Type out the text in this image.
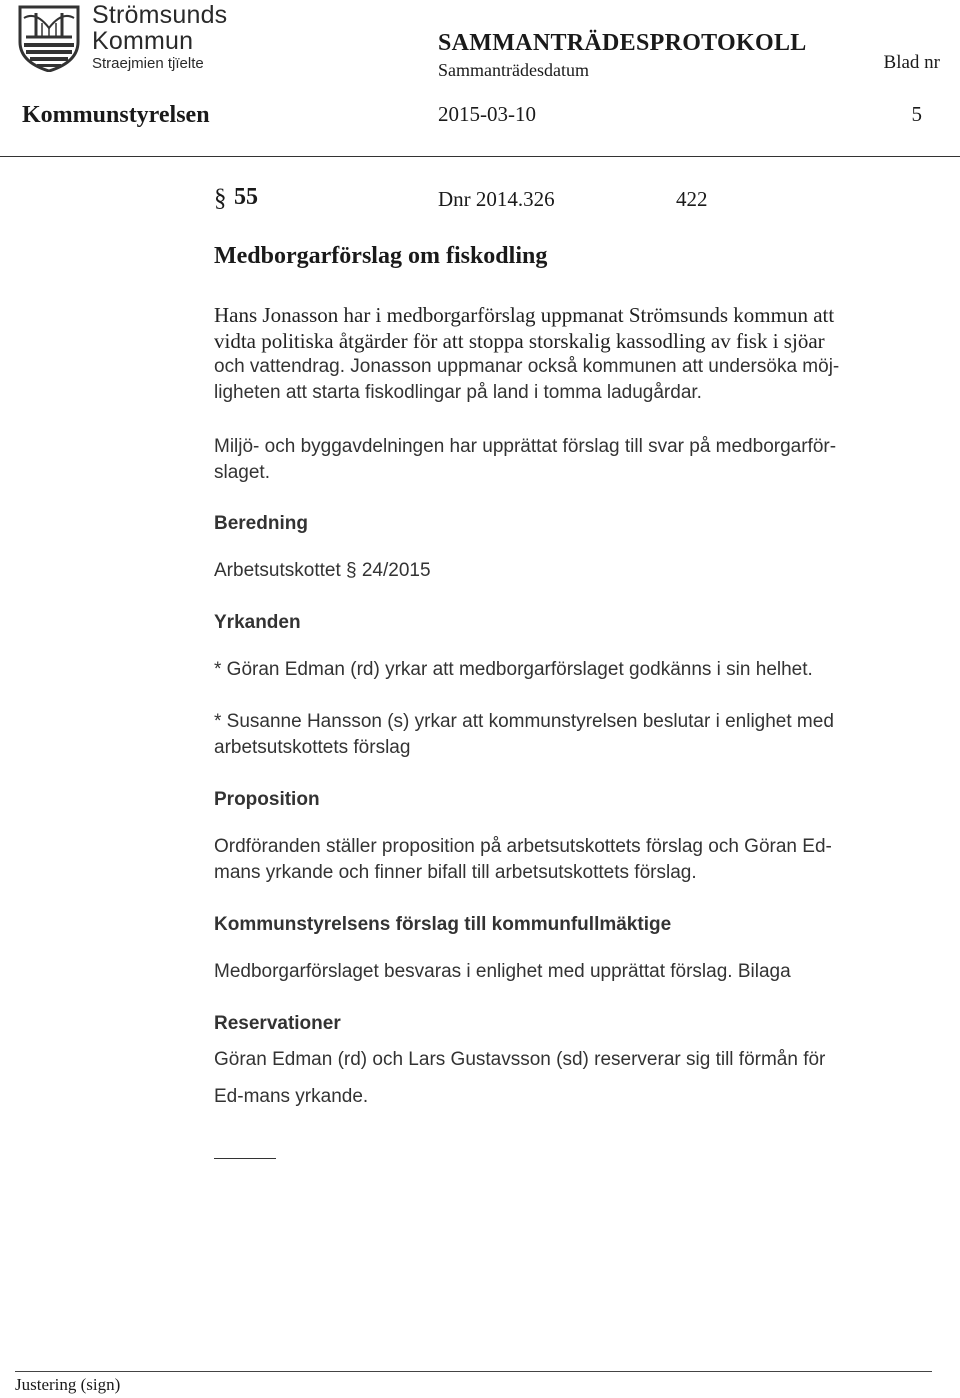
Strömsunds
Kommun
Straejmien tjïelte
SAMMANTRÄDESPROTOKOLL
Sammanträdesdatum	Blad nr
Kommunstyrelsen	2015-03-10	5
§ 55	Dnr 2014.326	422
Medborgarförslag om fiskodling
Hans Jonasson har i medborgarförslag uppmanat Strömsunds kommun att
vidta politiska åtgärder för att stoppa storskalig kassodling av fisk i sjöar
och vattendrag. Jonasson uppmanar också kommunen att undersöka möj-
ligheten att starta fiskodlingar på land i tomma ladugårdar.
Miljö- och byggavdelningen har upprättat förslag till svar på medborgarför-
slaget.
Beredning
Arbetsutskottet § 24/2015
Yrkanden
* Göran Edman (rd) yrkar att medborgarförslaget godkänns i sin helhet.
* Susanne Hansson (s) yrkar att kommunstyrelsen beslutar i enlighet med
arbetsutskottets förslag
Proposition
Ordföranden ställer proposition på arbetsutskottets förslag och Göran Ed-
mans yrkande och finner bifall till arbetsutskottets förslag.
Kommunstyrelsens förslag till kommunfullmäktige
Medborgarförslaget besvaras i enlighet med upprättat förslag. Bilaga
Reservationer
Göran Edman (rd) och Lars Gustavsson (sd) reserverar sig till förmån för
Ed-mans yrkande.
Justering (sign)
